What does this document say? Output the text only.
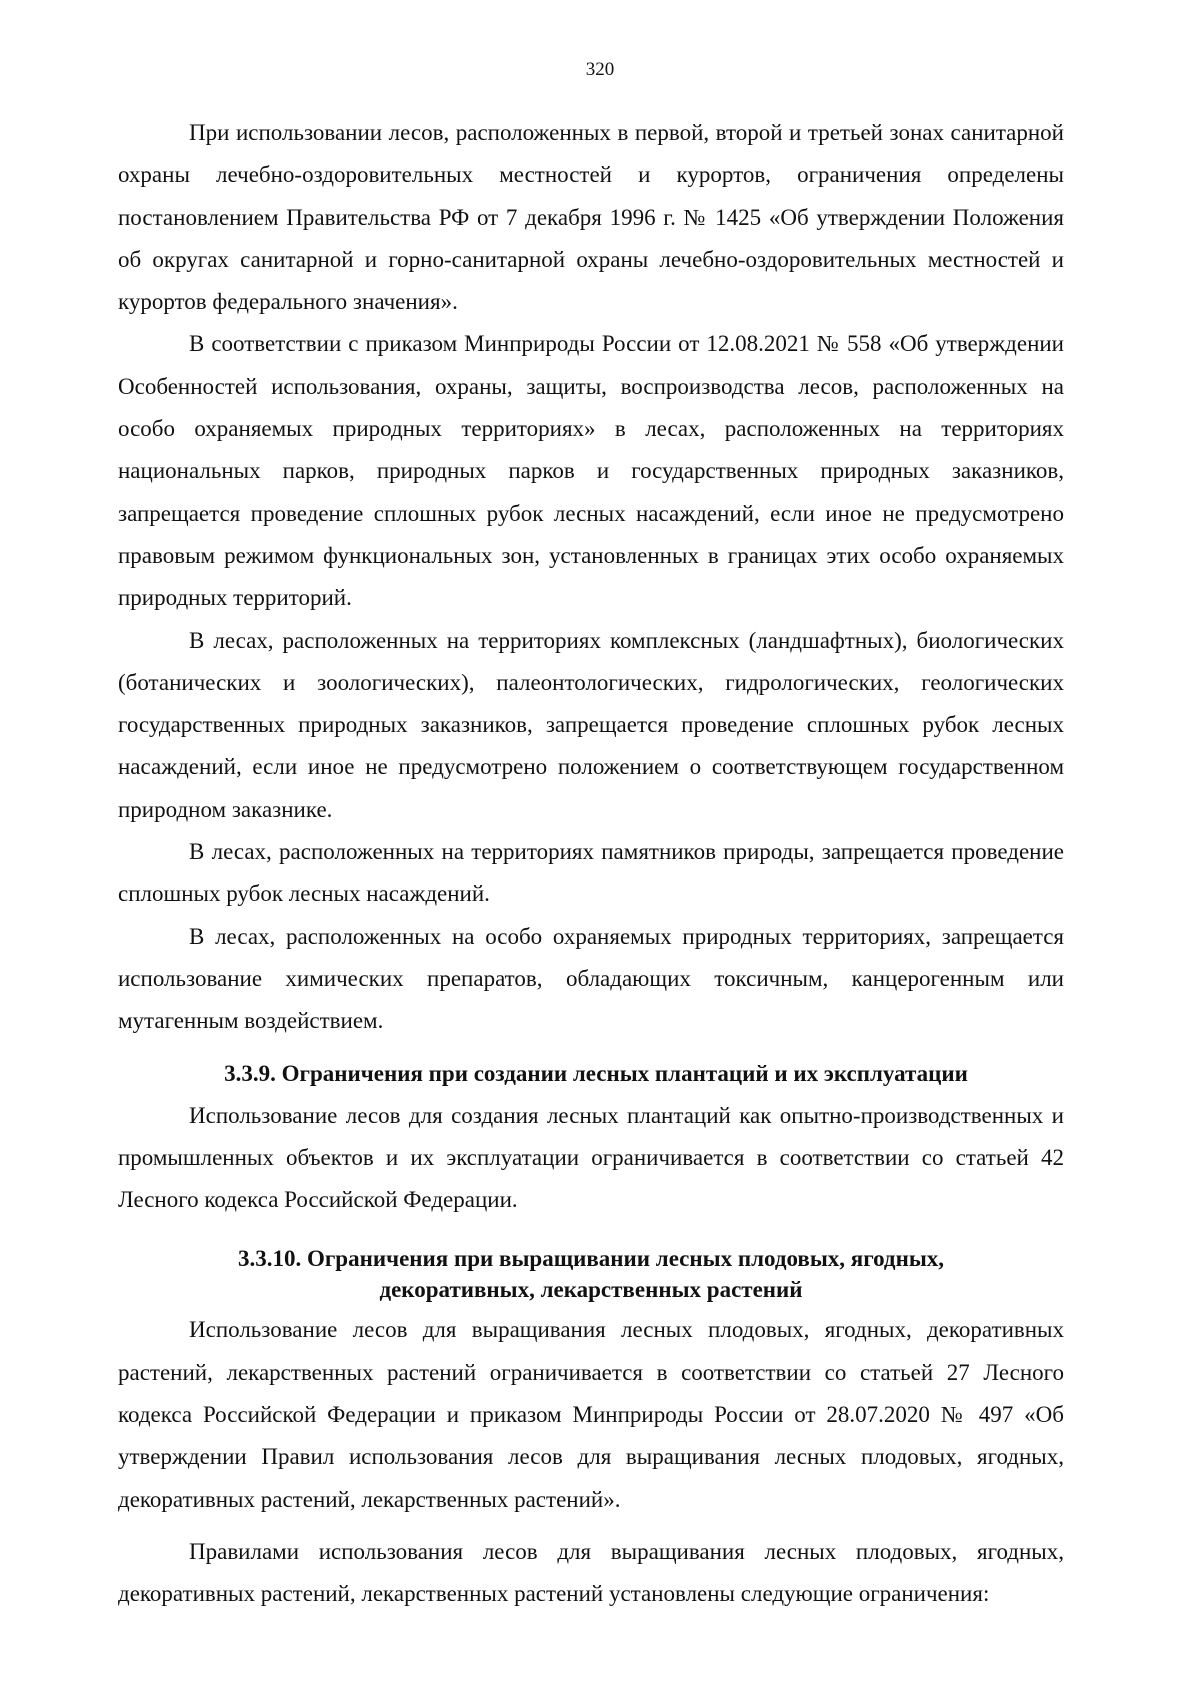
320

При использовании лесов, расположенных в первой, второй и третьей зонах санитарной охраны лечебно-оздоровительных местностей и курортов, ограничения определены постановлением Правительства РФ от 7 декабря 1996 г. № 1425 «Об утверждении Положения об округах санитарной и горно-санитарной охраны лечебно-оздоровительных местностей и курортов федерального значения».

В соответствии с приказом Минприроды России от 12.08.2021 № 558 «Об утверждении Особенностей использования, охраны, защиты, воспроизводства лесов, расположенных на особо охраняемых природных территориях» в лесах, расположенных на территориях национальных парков, природных парков и государственных природных заказников, запрещается проведение сплошных рубок лесных насаждений, если иное не предусмотрено правовым режимом функциональных зон, установленных в границах этих особо охраняемых природных территорий.

В лесах, расположенных на территориях комплексных (ландшафтных), биологических (ботанических и зоологических), палеонтологических, гидрологических, геологических государственных природных заказников, запрещается проведение сплошных рубок лесных насаждений, если иное не предусмотрено положением о соответствующем государственном природном заказнике.

В лесах, расположенных на территориях памятников природы, запрещается проведение сплошных рубок лесных насаждений.

В лесах, расположенных на особо охраняемых природных территориях, запрещается использование химических препаратов, обладающих токсичным, канцерогенным или мутагенным воздействием.

3.3.9. Ограничения при создании лесных плантаций и их эксплуатации

Использование лесов для создания лесных плантаций как опытно-производственных и промышленных объектов и их эксплуатации ограничивается в соответствии со статьей 42 Лесного кодекса Российской Федерации.

3.3.10. Ограничения при выращивании лесных плодовых, ягодных,
декоративных, лекарственных растений

Использование лесов для выращивания лесных плодовых, ягодных, декоративных растений, лекарственных растений ограничивается в соответствии со статьей 27 Лесного кодекса Российской Федерации и приказом Минприроды России от 28.07.2020 № 497 «Об утверждении Правил использования лесов для выращивания лесных плодовых, ягодных, декоративных растений, лекарственных растений».

Правилами использования лесов для выращивания лесных плодовых, ягодных, декоративных растений, лекарственных растений установлены следующие ограничения:
